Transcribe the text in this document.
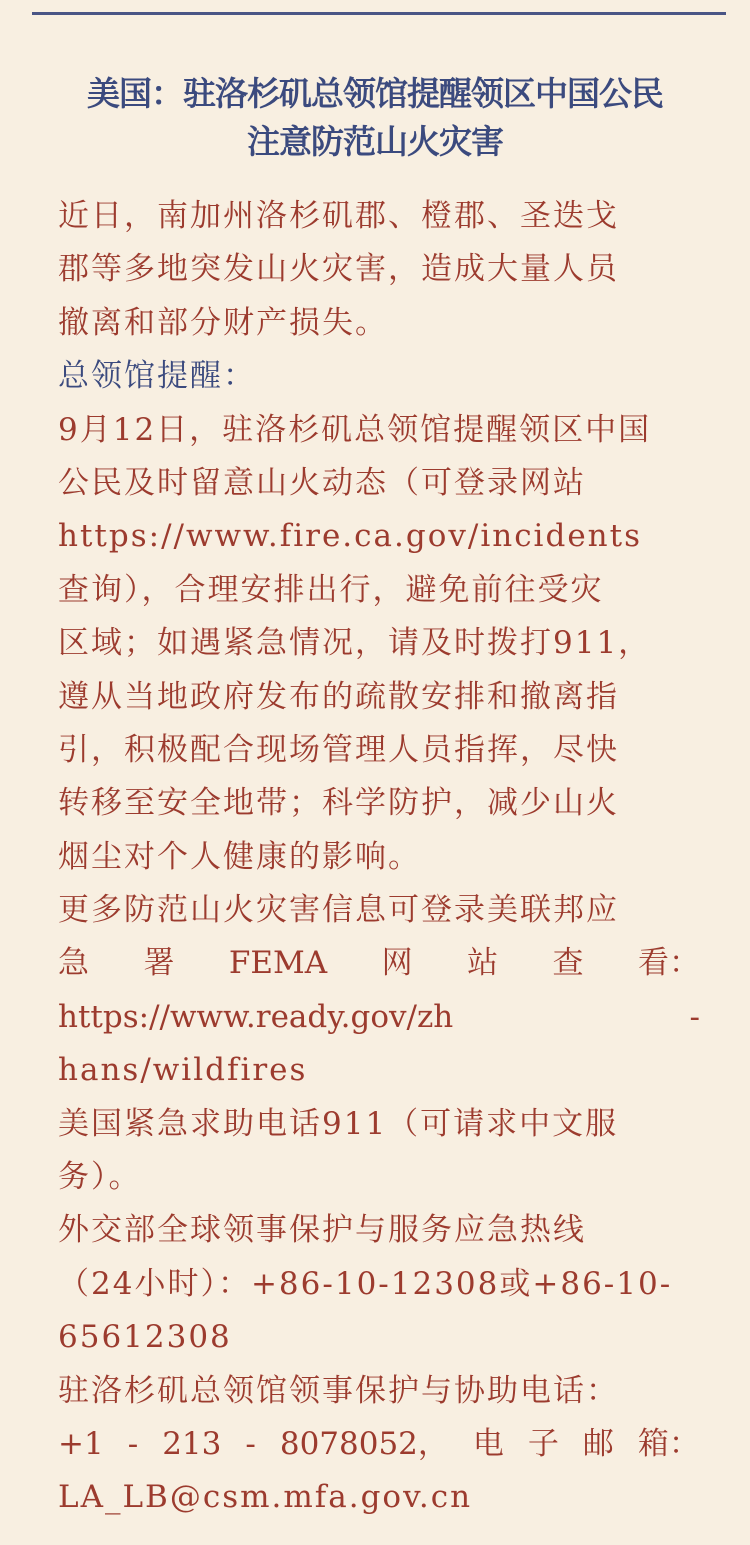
美国：驻洛杉矶总领馆提醒领区中国公民
注意防范山火灾害
近日，南加州洛杉矶郡、橙郡、圣迭戈
郡等多地突发山火灾害，造成大量人员
撤离和部分财产损失。
总领馆提醒：
9月12日，驻洛杉矶总领馆提醒领区中国
公民及时留意山火动态（可登录网站
https://www.fire.ca.gov/incidents
查询），合理安排出行，避免前往受灾
区域；如遇紧急情况，请及时拨打911，
遵从当地政府发布的疏散安排和撤离指
引，积极配合现场管理人员指挥，尽快
转移至安全地带；科学防护，减少山火
烟尘对个人健康的影响。
更多防范山火灾害信息可登录美联邦应
急 署 FEMA 网 站 查 看：
https://www.ready.gov/zh	-
hans/wildfires
美国紧急求助电话911（可请求中文服
务）。
外交部全球领事保护与服务应急热线
（24小时）：+86-10-12308或+86-10-
65612308
驻洛杉矶总领馆领事保护与协助电话：
+1 - 213 - 8078052， 电 子 邮 箱：
LA_LB@csm.mfa.gov.cn
